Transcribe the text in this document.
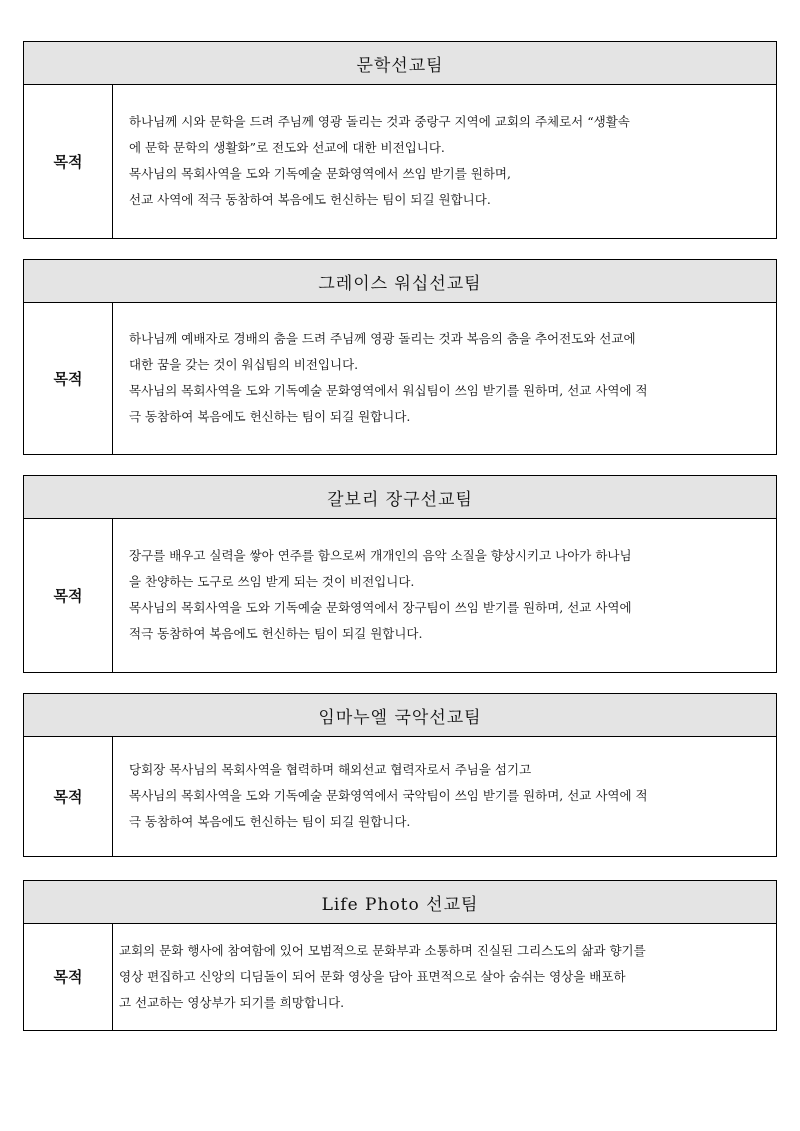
문학선교팀
목적
하나님께 시와 문학을 드려 주님께 영광 돌리는 것과 중랑구 지역에 교회의 주체로서 “생활속
에 문학 문학의 생활화”로 전도와 선교에 대한 비전입니다.
목사님의 목회사역을 도와 기독예술 문화영역에서 쓰임 받기를 원하며,
선교 사역에 적극 동참하여 복음에도 헌신하는 팀이 되길 원합니다.
그레이스 워십선교팀
목적
하나님께 예배자로 경배의 춤을 드려 주님께 영광 돌리는 것과 복음의 춤을 추어전도와 선교에
대한 꿈을 갖는 것이 워십팀의 비전입니다.
목사님의 목회사역을 도와 기독예술 문화영역에서 워십팀이 쓰임 받기를 원하며, 선교 사역에 적
극 동참하여 복음에도 헌신하는 팀이 되길 원합니다.
갈보리 장구선교팀
목적
장구를 배우고 실력을 쌓아 연주를 함으로써 개개인의 음악 소질을 향상시키고 나아가 하나님
을 찬양하는 도구로 쓰임 받게 되는 것이 비전입니다.
목사님의 목회사역을 도와 기독예술 문화영역에서 장구팀이 쓰임 받기를 원하며, 선교 사역에
적극 동참하여 복음에도 헌신하는 팀이 되길 원합니다.
임마누엘 국악선교팀
목적
당회장 목사님의 목회사역을 협력하며 해외선교 협력자로서 주님을 섬기고
목사님의 목회사역을 도와 기독예술 문화영역에서 국악팀이 쓰임 받기를 원하며, 선교 사역에 적
극 동참하여 복음에도 헌신하는 팀이 되길 원합니다.
Life Photo 선교팀
목적
교회의 문화 행사에 참여함에 있어 모범적으로 문화부과 소통하며 진실된 그리스도의 삶과 향기를
영상 편집하고 신앙의 디딤돌이 되어 문화 영상을 담아 표면적으로 살아 숨쉬는 영상을 배포하
고 선교하는 영상부가 되기를 희망합니다.
